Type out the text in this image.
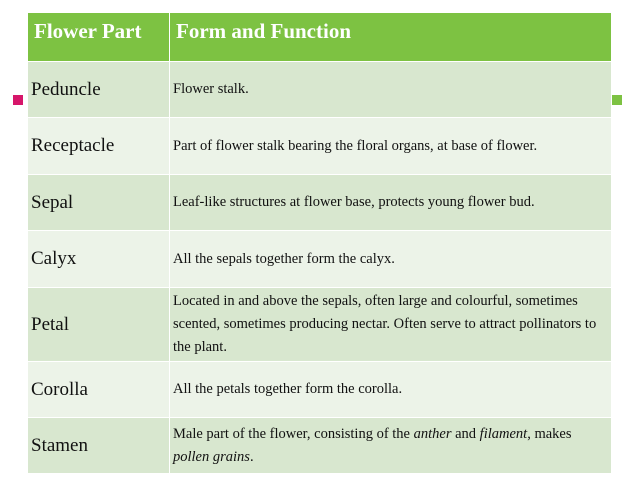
Flower Part	Form and Function
Peduncle	Flower stalk.
Receptacle	Part of flower stalk bearing the floral organs, at base of flower.
Sepal	Leaf-like structures at flower base, protects young flower bud.
Calyx	All the sepals together form the calyx.
Petal	Located in and above the sepals, often large and colourful, sometimes scented, sometimes producing nectar. Often serve to attract pollinators to the plant.
Corolla	All the petals together form the corolla.
Stamen	Male part of the flower, consisting of the anther and filament, makes pollen grains.
